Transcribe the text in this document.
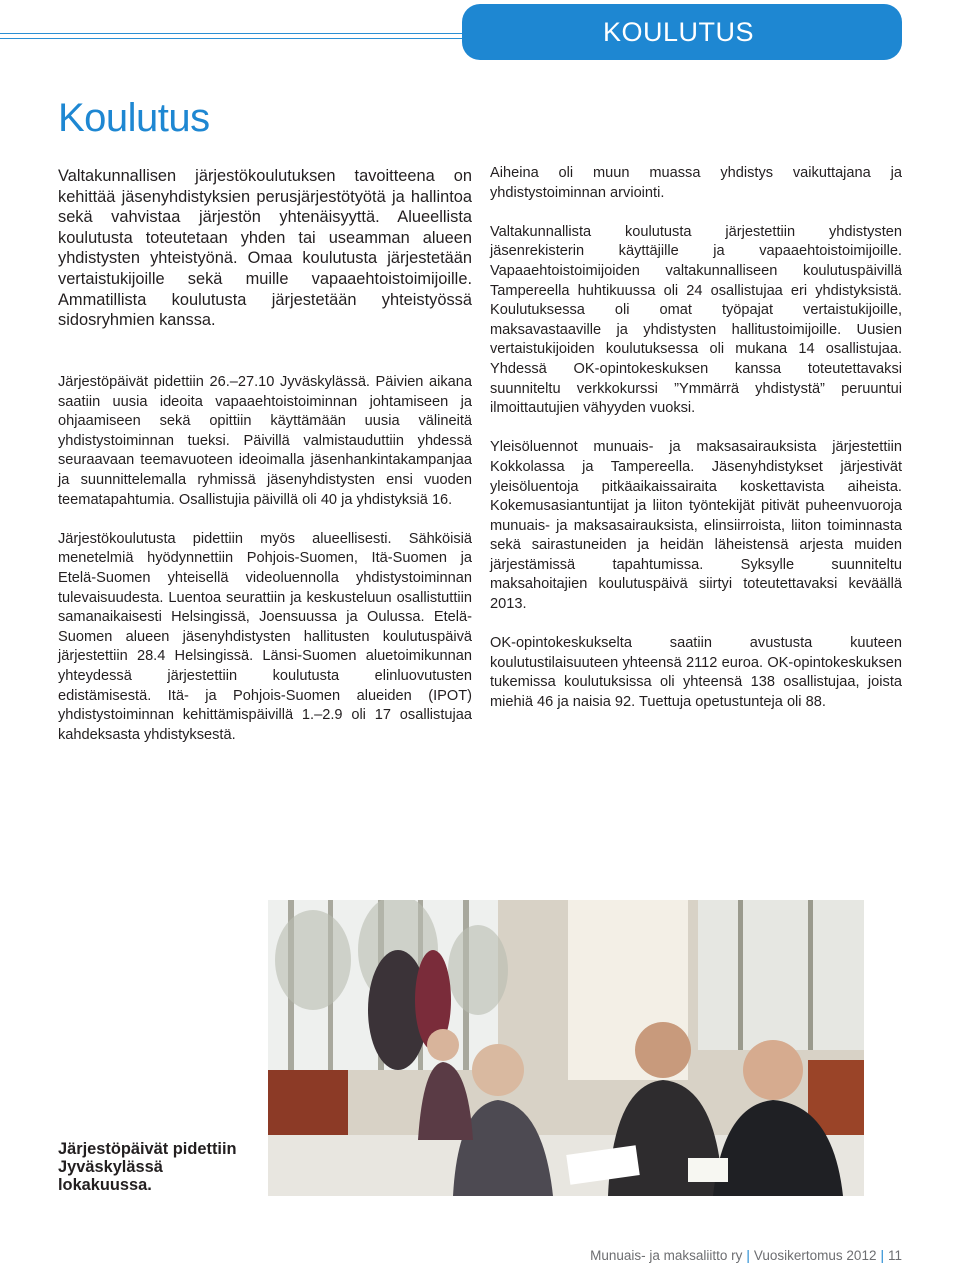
KOULUTUS
Koulutus

Valtakunnallisen järjestökoulutuksen tavoitteena on kehittää jäsenyhdistyksien perusjärjestötyötä ja hallintoa sekä vahvistaa järjestön yhtenäisyyttä. Alueellista koulutusta toteutetaan yhden tai useamman alueen yhdistysten yhteistyönä. Omaa koulutusta järjestetään vertaistukijoille sekä muille vapaaehtoistoimijoille. Ammatillista koulutusta järjestetään yhteistyössä sidosryhmien kanssa.

Järjestöpäivät pidettiin 26.–27.10 Jyväskylässä. Päivien aikana saatiin uusia ideoita vapaaehtoistoiminnan johtamiseen ja ohjaamiseen sekä opittiin käyttämään uusia välineitä yhdistystoiminnan tueksi. Päivillä valmistauduttiin yhdessä seuraavaan teemavuoteen ideoimalla jäsenhankintakampanjaa ja suunnittelemalla ryhmissä jäsenyhdistysten ensi vuoden teematapahtumia. Osallistujia päivillä oli 40 ja yhdistyksiä 16.

Järjestökoulutusta pidettiin myös alueellisesti. Sähköisiä menetelmiä hyödynnettiin Pohjois-Suomen, Itä-Suomen ja Etelä-Suomen yhteisellä videoluennolla yhdistystoiminnan tulevaisuudesta. Luentoa seurattiin ja keskusteluun osallistuttiin samanaikaisesti Helsingissä, Joensuussa ja Oulussa. Etelä-Suomen alueen jäsenyhdistysten hallitusten koulutuspäivä järjestettiin 28.4 Helsingissä. Länsi-Suomen aluetoimikunnan yhteydessä järjestettiin koulutusta elinluovutusten edistämisestä. Itä- ja Pohjois-Suomen alueiden (IPOT) yhdistystoiminnan kehittämispäivillä 1.–2.9 oli 17 osallistujaa kahdeksasta yhdistyksestä.

Aiheina oli muun muassa yhdistys vaikuttajana ja yhdistystoiminnan arviointi.

Valtakunnallista koulutusta järjestettiin yhdistysten jäsenrekisterin käyttäjille ja vapaaehtoistoimijoille. Vapaaehtoistoimijoiden valtakunnalliseen koulutuspäivillä Tampereella huhtikuussa oli 24 osallistujaa eri yhdistyksistä. Koulutuksessa oli omat työpajat vertaistukijoille, maksavastaaville ja yhdistysten hallitustoimijoille. Uusien vertaistukijoiden koulutuksessa oli mukana 14 osallistujaa. Yhdessä OK-opintokeskuksen kanssa toteutettavaksi suunniteltu verkkokurssi ”Ymmärrä yhdistystä” peruuntui ilmoittautujien vähyyden vuoksi.

Yleisöluennot munuais- ja maksasairauksista järjestettiin Kokkolassa ja Tampereella. Jäsenyhdistykset järjestivät yleisöluentoja pitkäaikaissairaita koskettavista aiheista. Kokemusasiantuntijat ja liiton työntekijät pitivät puheenvuoroja munuais- ja maksasairauksista, elinsiirroista, liiton toiminnasta sekä sairastuneiden ja heidän läheistensä arjesta muiden järjestämissä tapahtumissa. Syksylle suunniteltu maksahoitajien koulutuspäivä siirtyi toteutettavaksi keväällä 2013.

OK-opintokeskukselta saatiin avustusta kuuteen koulutustilaisuuteen yhteensä 2112 euroa. OK-opintokeskuksen tukemissa koulutuksissa oli yhteensä 138 osallistujaa, joista miehiä 46 ja naisia 92. Tuettuja opetustunteja oli 88.

Järjestöpäivät pidettiin Jyväskylässä lokakuussa.

Munuais- ja maksaliitto ry | Vuosikertomus 2012 | 11
